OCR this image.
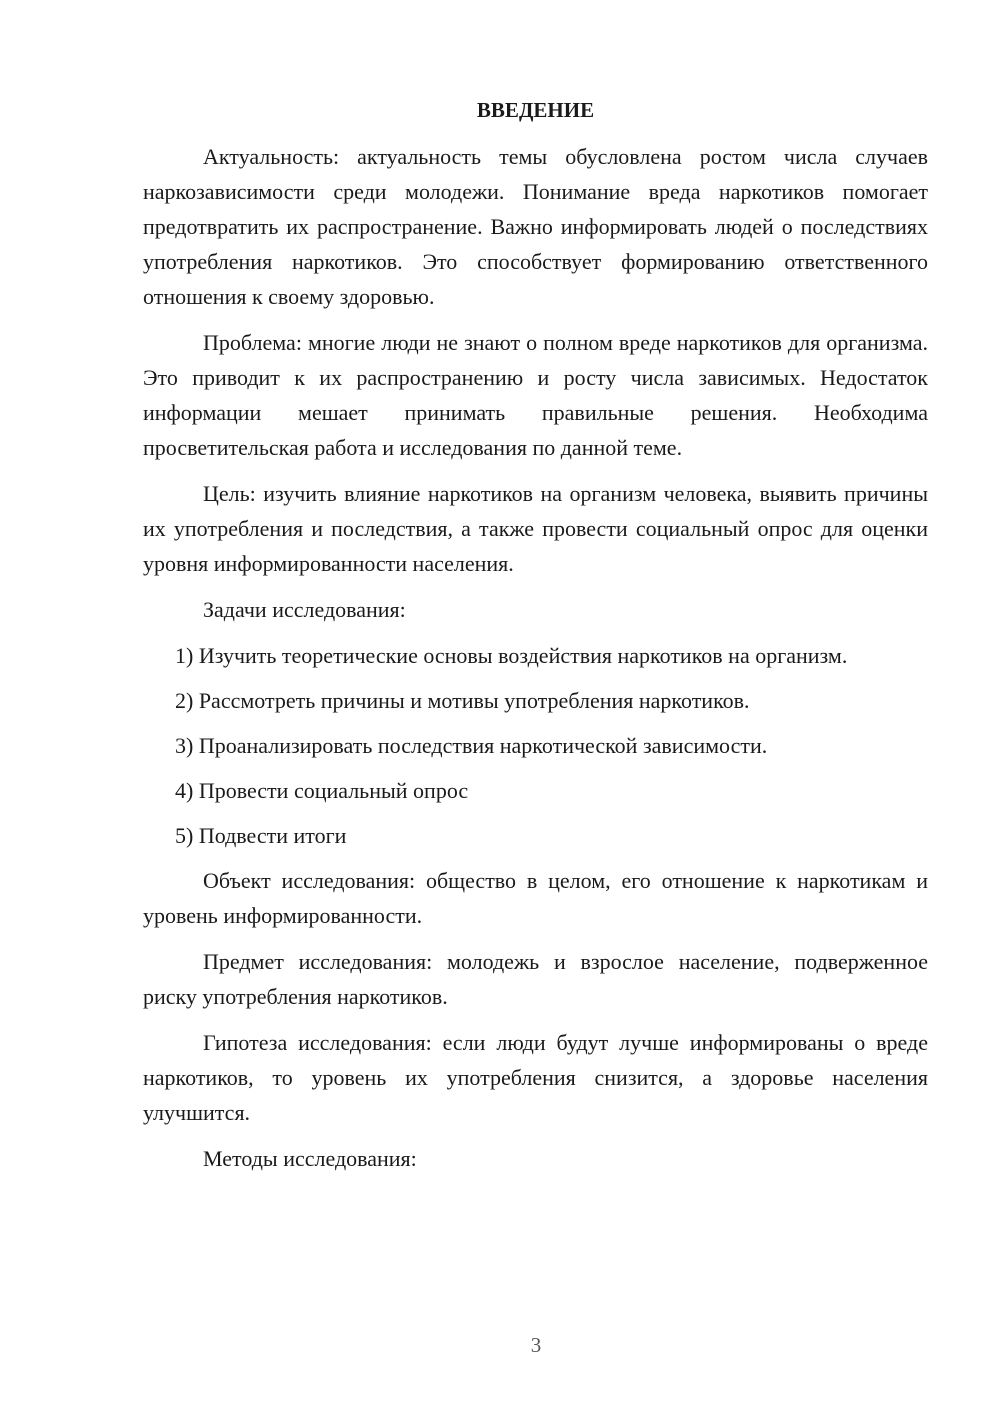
ВВЕДЕНИЕ

Актуальность: актуальность темы обусловлена ростом числа случаев наркозависимости среди молодежи. Понимание вреда наркотиков помогает предотвратить их распространение. Важно информировать людей о последствиях употребления наркотиков. Это способствует формированию ответственного отношения к своему здоровью.

Проблема: многие люди не знают о полном вреде наркотиков для организма. Это приводит к их распространению и росту числа зависимых. Недостаток информации мешает принимать правильные решения. Необходима просветительская работа и исследования по данной теме.

Цель: изучить влияние наркотиков на организм человека, выявить причины их употребления и последствия, а также провести социальный опрос для оценки уровня информированности населения.

Задачи исследования:

1) Изучить теоретические основы воздействия наркотиков на организм.

2) Рассмотреть причины и мотивы употребления наркотиков.

3) Проанализировать последствия наркотической зависимости.

4) Провести социальный опрос

5) Подвести итоги

Объект исследования: общество в целом, его отношение к наркотикам и уровень информированности.

Предмет исследования: молодежь и взрослое население, подверженное риску употребления наркотиков.

Гипотеза исследования: если люди будут лучше информированы о вреде наркотиков, то уровень их употребления снизится, а здоровье населения улучшится.

Методы исследования:

3
